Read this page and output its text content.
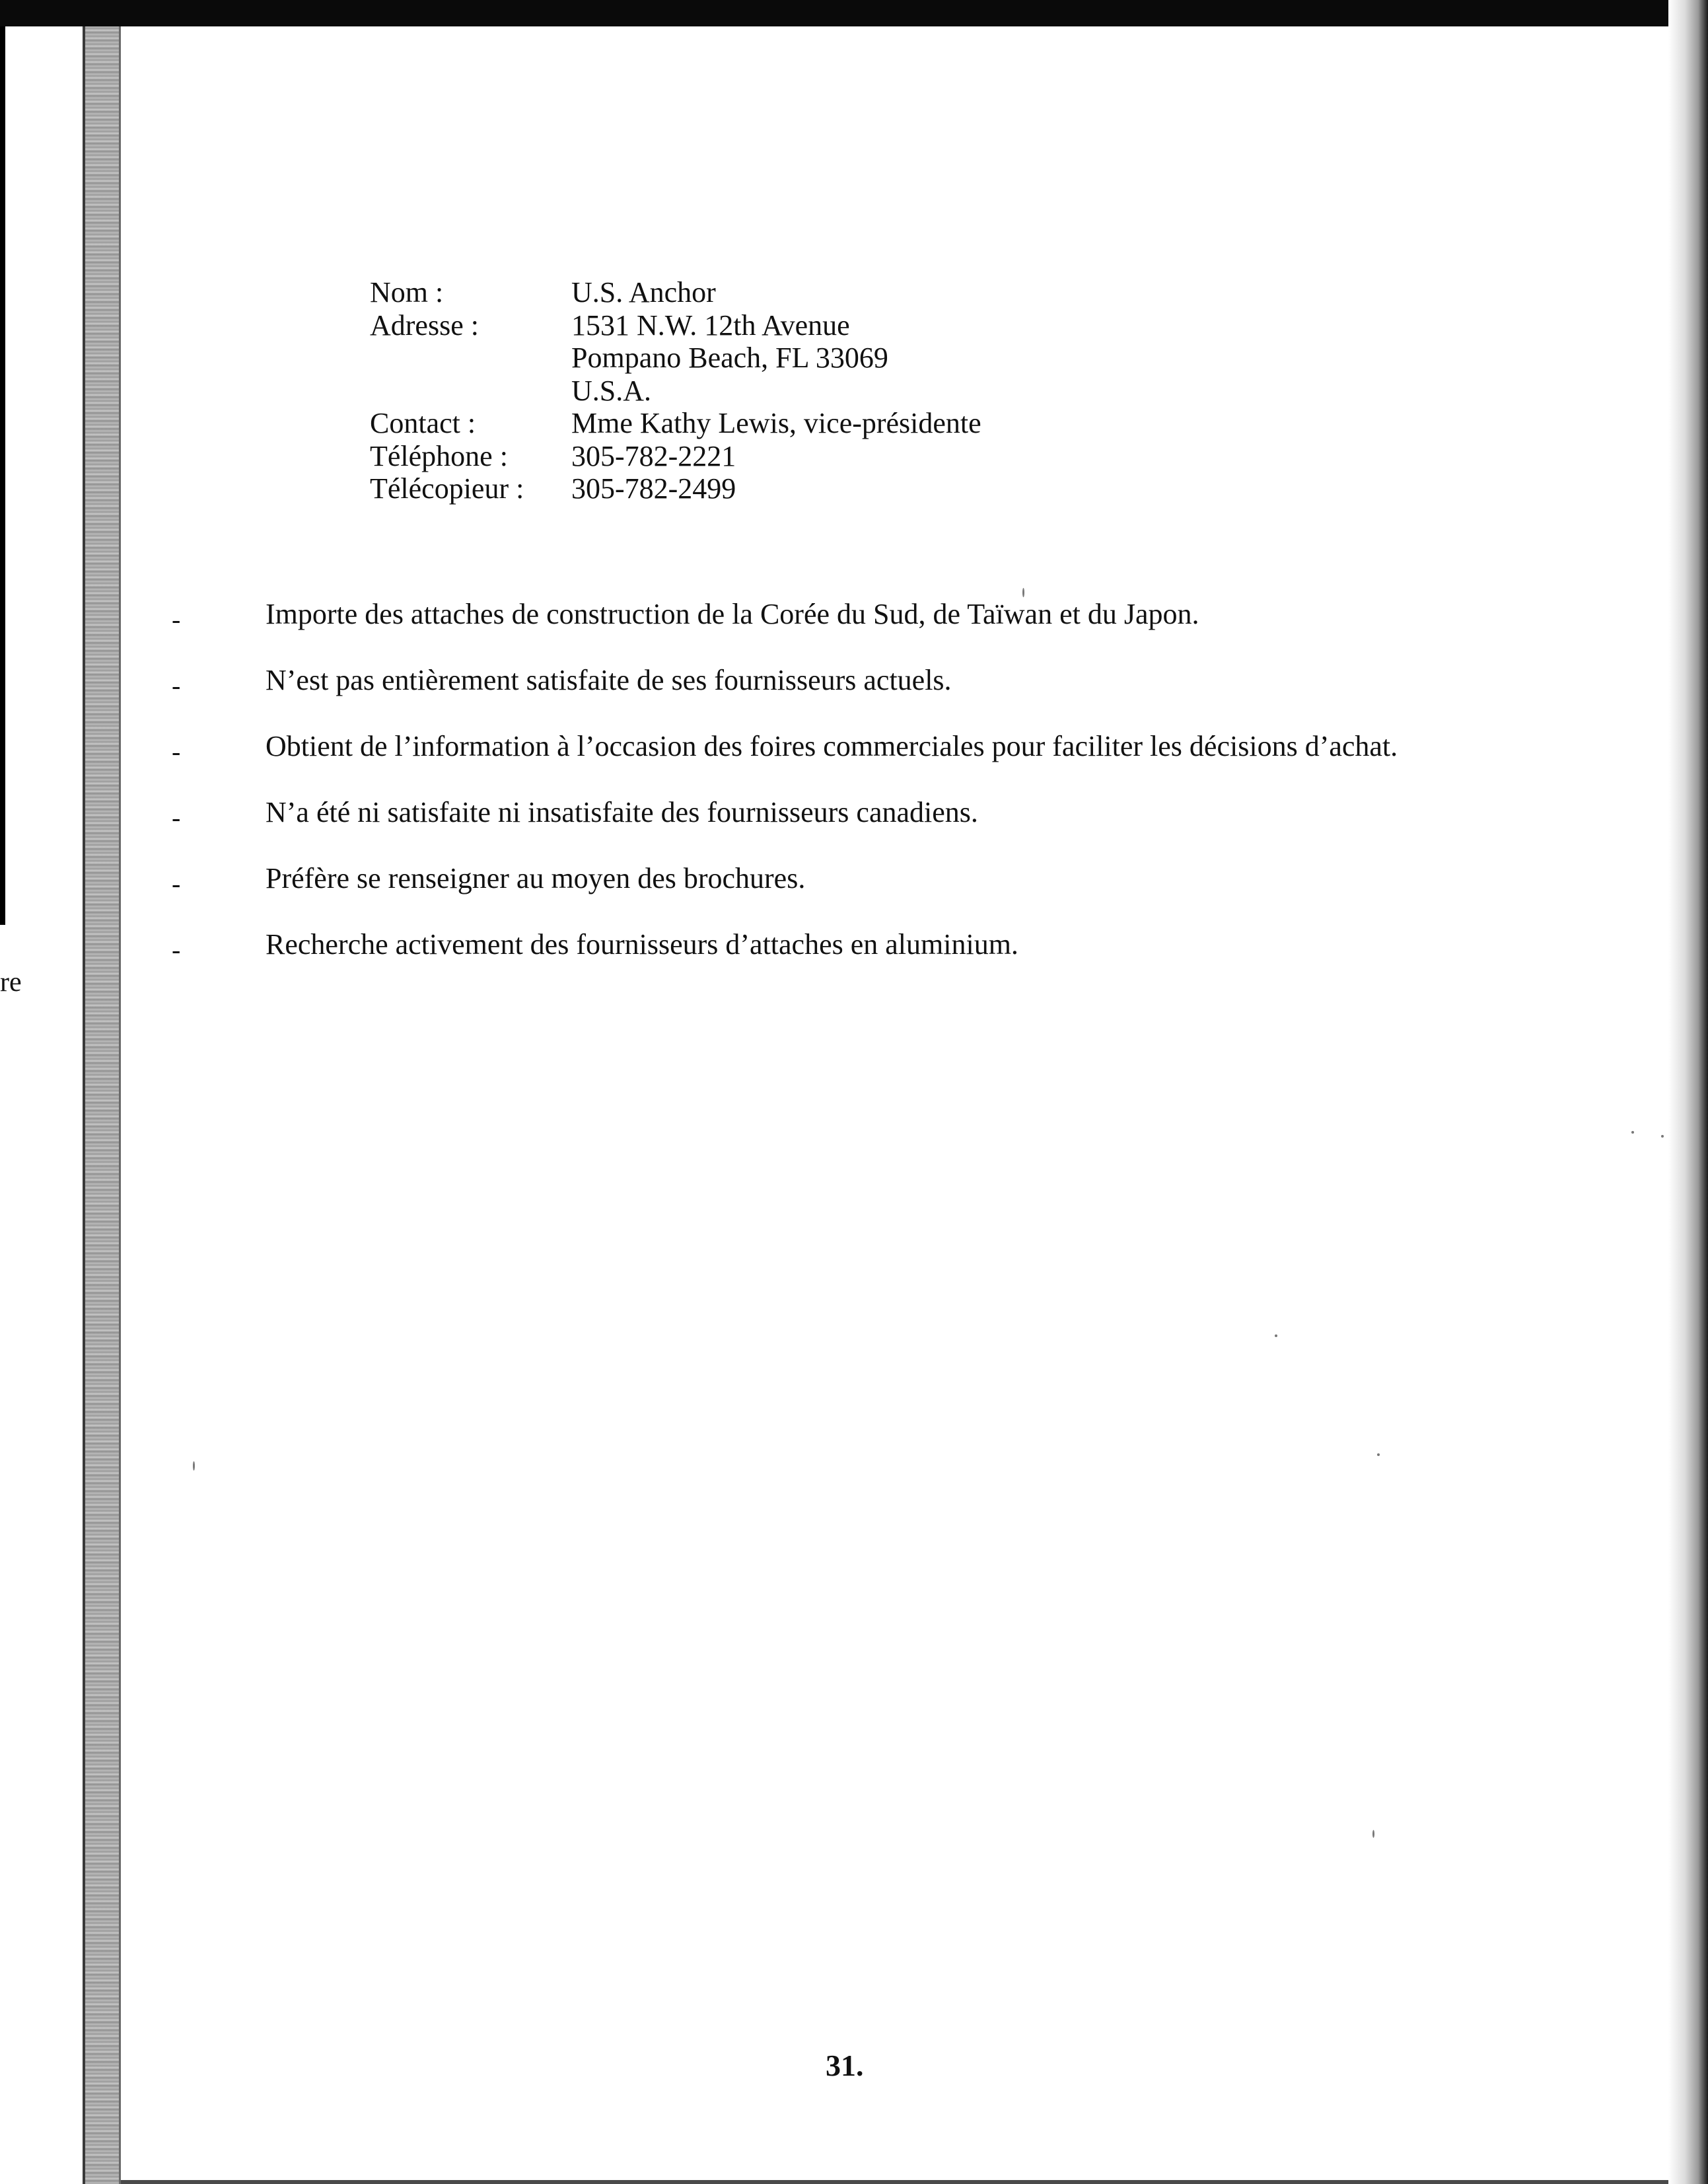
re
Nom :	U.S. Anchor
Adresse :	1531 N.W. 12th Avenue
Pompano Beach, FL 33069
U.S.A.
Contact :	Mme Kathy Lewis, vice-présidente
Téléphone :	305-782-2221
Télécopieur :	305-782-2499
-	Importe des attaches de construction de la Corée du Sud, de Taïwan et du Japon.
-	N’est pas entièrement satisfaite de ses fournisseurs actuels.
-	Obtient de l’information à l’occasion des foires commerciales pour faciliter les décisions d’achat.
-	N’a été ni satisfaite ni insatisfaite des fournisseurs canadiens.
-	Préfère se renseigner au moyen des brochures.
-	Recherche activement des fournisseurs d’attaches en aluminium.
31.
